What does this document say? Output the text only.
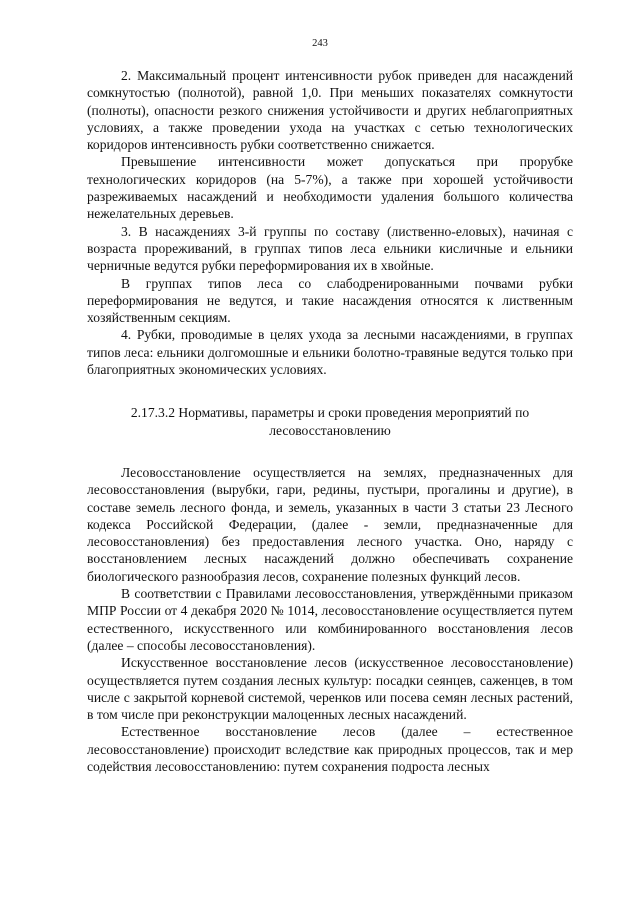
243

2. Максимальный процент интенсивности рубок приведен для насаждений сомкнутостью (полнотой), равной 1,0. При меньших показателях сомкнутости (полноты), опасности резкого снижения устойчивости и других неблагоприятных условиях, а также проведении ухода на участках с сетью технологических коридоров интенсивность рубки соответственно снижается.

Превышение интенсивности может допускаться при прорубке технологических коридоров (на 5-7%), а также при хорошей устойчивости разреживаемых насаждений и необходимости удаления большого количества нежелательных деревьев.

3. В насаждениях 3-й группы по составу (лиственно-еловых), начиная с возраста прореживаний, в группах типов леса ельники кисличные и ельники черничные ведутся рубки переформирования их в хвойные.

В группах типов леса со слабодренированными почвами рубки переформирования не ведутся, и такие насаждения относятся к лиственным хозяйственным секциям.

4. Рубки, проводимые в целях ухода за лесными насаждениями, в группах типов леса: ельники долгомошные и ельники болотно-травяные ведутся только при благоприятных экономических условиях.

2.17.3.2 Нормативы, параметры и сроки проведения мероприятий по лесовосстановлению

Лесовосстановление осуществляется на землях, предназначенных для лесовосстановления (вырубки, гари, редины, пустыри, прогалины и другие), в составе земель лесного фонда, и земель, указанных в части 3 статьи 23 Лесного кодекса Российской Федерации, (далее - земли, предназначенные для лесовосстановления) без предоставления лесного участка. Оно, наряду с восстановлением лесных насаждений должно обеспечивать сохранение биологического разнообразия лесов, сохранение полезных функций лесов.

В соответствии с Правилами лесовосстановления, утверждёнными приказом МПР России от 4 декабря 2020 № 1014, лесовосстановление осуществляется путем естественного, искусственного или комбинированного восстановления лесов (далее – способы лесовосстановления).

Искусственное восстановление лесов (искусственное лесовосстановление) осуществляется путем создания лесных культур: посадки сеянцев, саженцев, в том числе с закрытой корневой системой, черенков или посева семян лесных растений, в том числе при реконструкции малоценных лесных насаждений.

Естественное восстановление лесов (далее – естественное лесовосстановление) происходит вследствие как природных процессов, так и мер содействия лесовосстановлению: путем сохранения подроста лесных
